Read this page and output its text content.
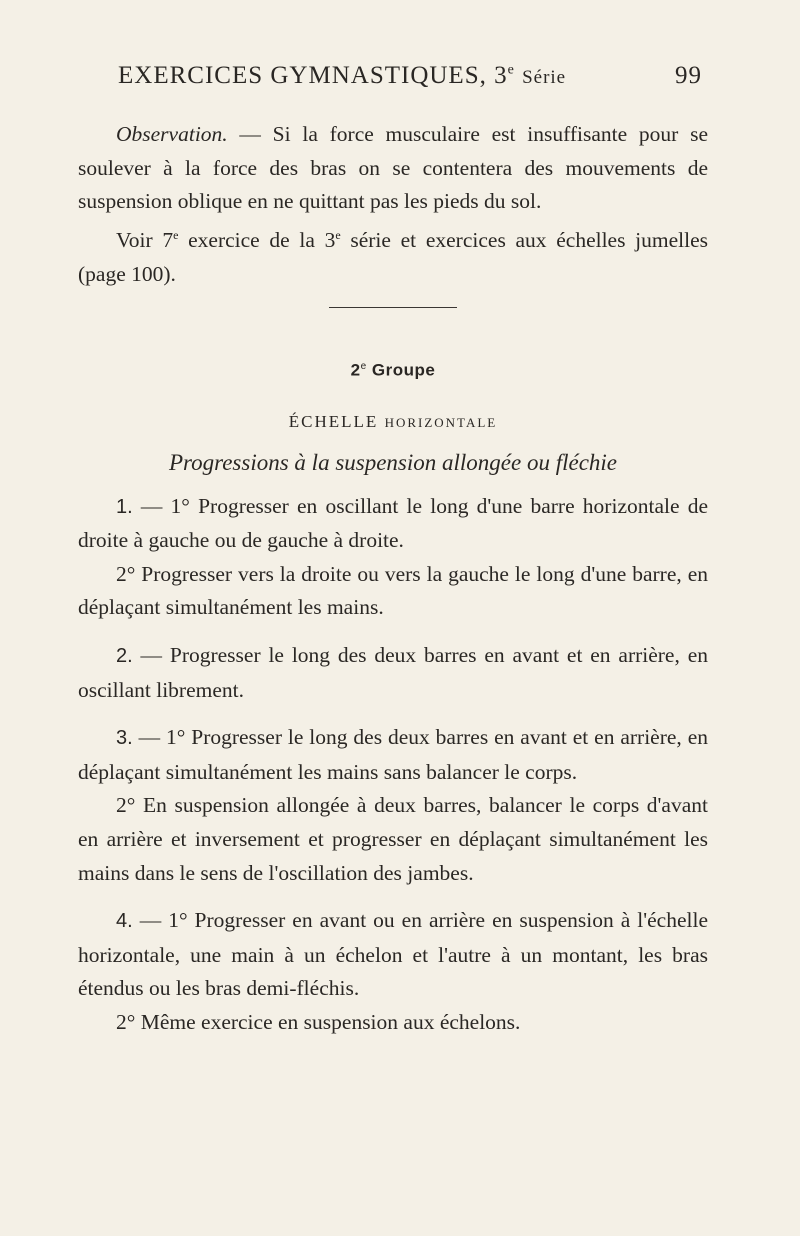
EXERCICES GYMNASTIQUES, 3e Série	99

Observation. — Si la force musculaire est insuffisante pour se soulever à la force des bras on se contentera des mouvements de suspension oblique en ne quittant pas les pieds du sol.

Voir 7e exercice de la 3e série et exercices aux échelles jumelles (page 100).

2e Groupe
ÉCHELLE HORIZONTALE
Progressions à la suspension allongée ou fléchie

1. — 1° Progresser en oscillant le long d'une barre horizontale de droite à gauche ou de gauche à droite.

2° Progresser vers la droite ou vers la gauche le long d'une barre, en déplaçant simultanément les mains.

2. — Progresser le long des deux barres en avant et en arrière, en oscillant librement.

3. — 1° Progresser le long des deux barres en avant et en arrière, en déplaçant simultanément les mains sans balancer le corps.

2° En suspension allongée à deux barres, balancer le corps d'avant en arrière et inversement et progresser en déplaçant simultanément les mains dans le sens de l'oscillation des jambes.

4. — 1° Progresser en avant ou en arrière en suspension à l'échelle horizontale, une main à un échelon et l'autre à un montant, les bras étendus ou les bras demi-fléchis.

2° Même exercice en suspension aux échelons.
